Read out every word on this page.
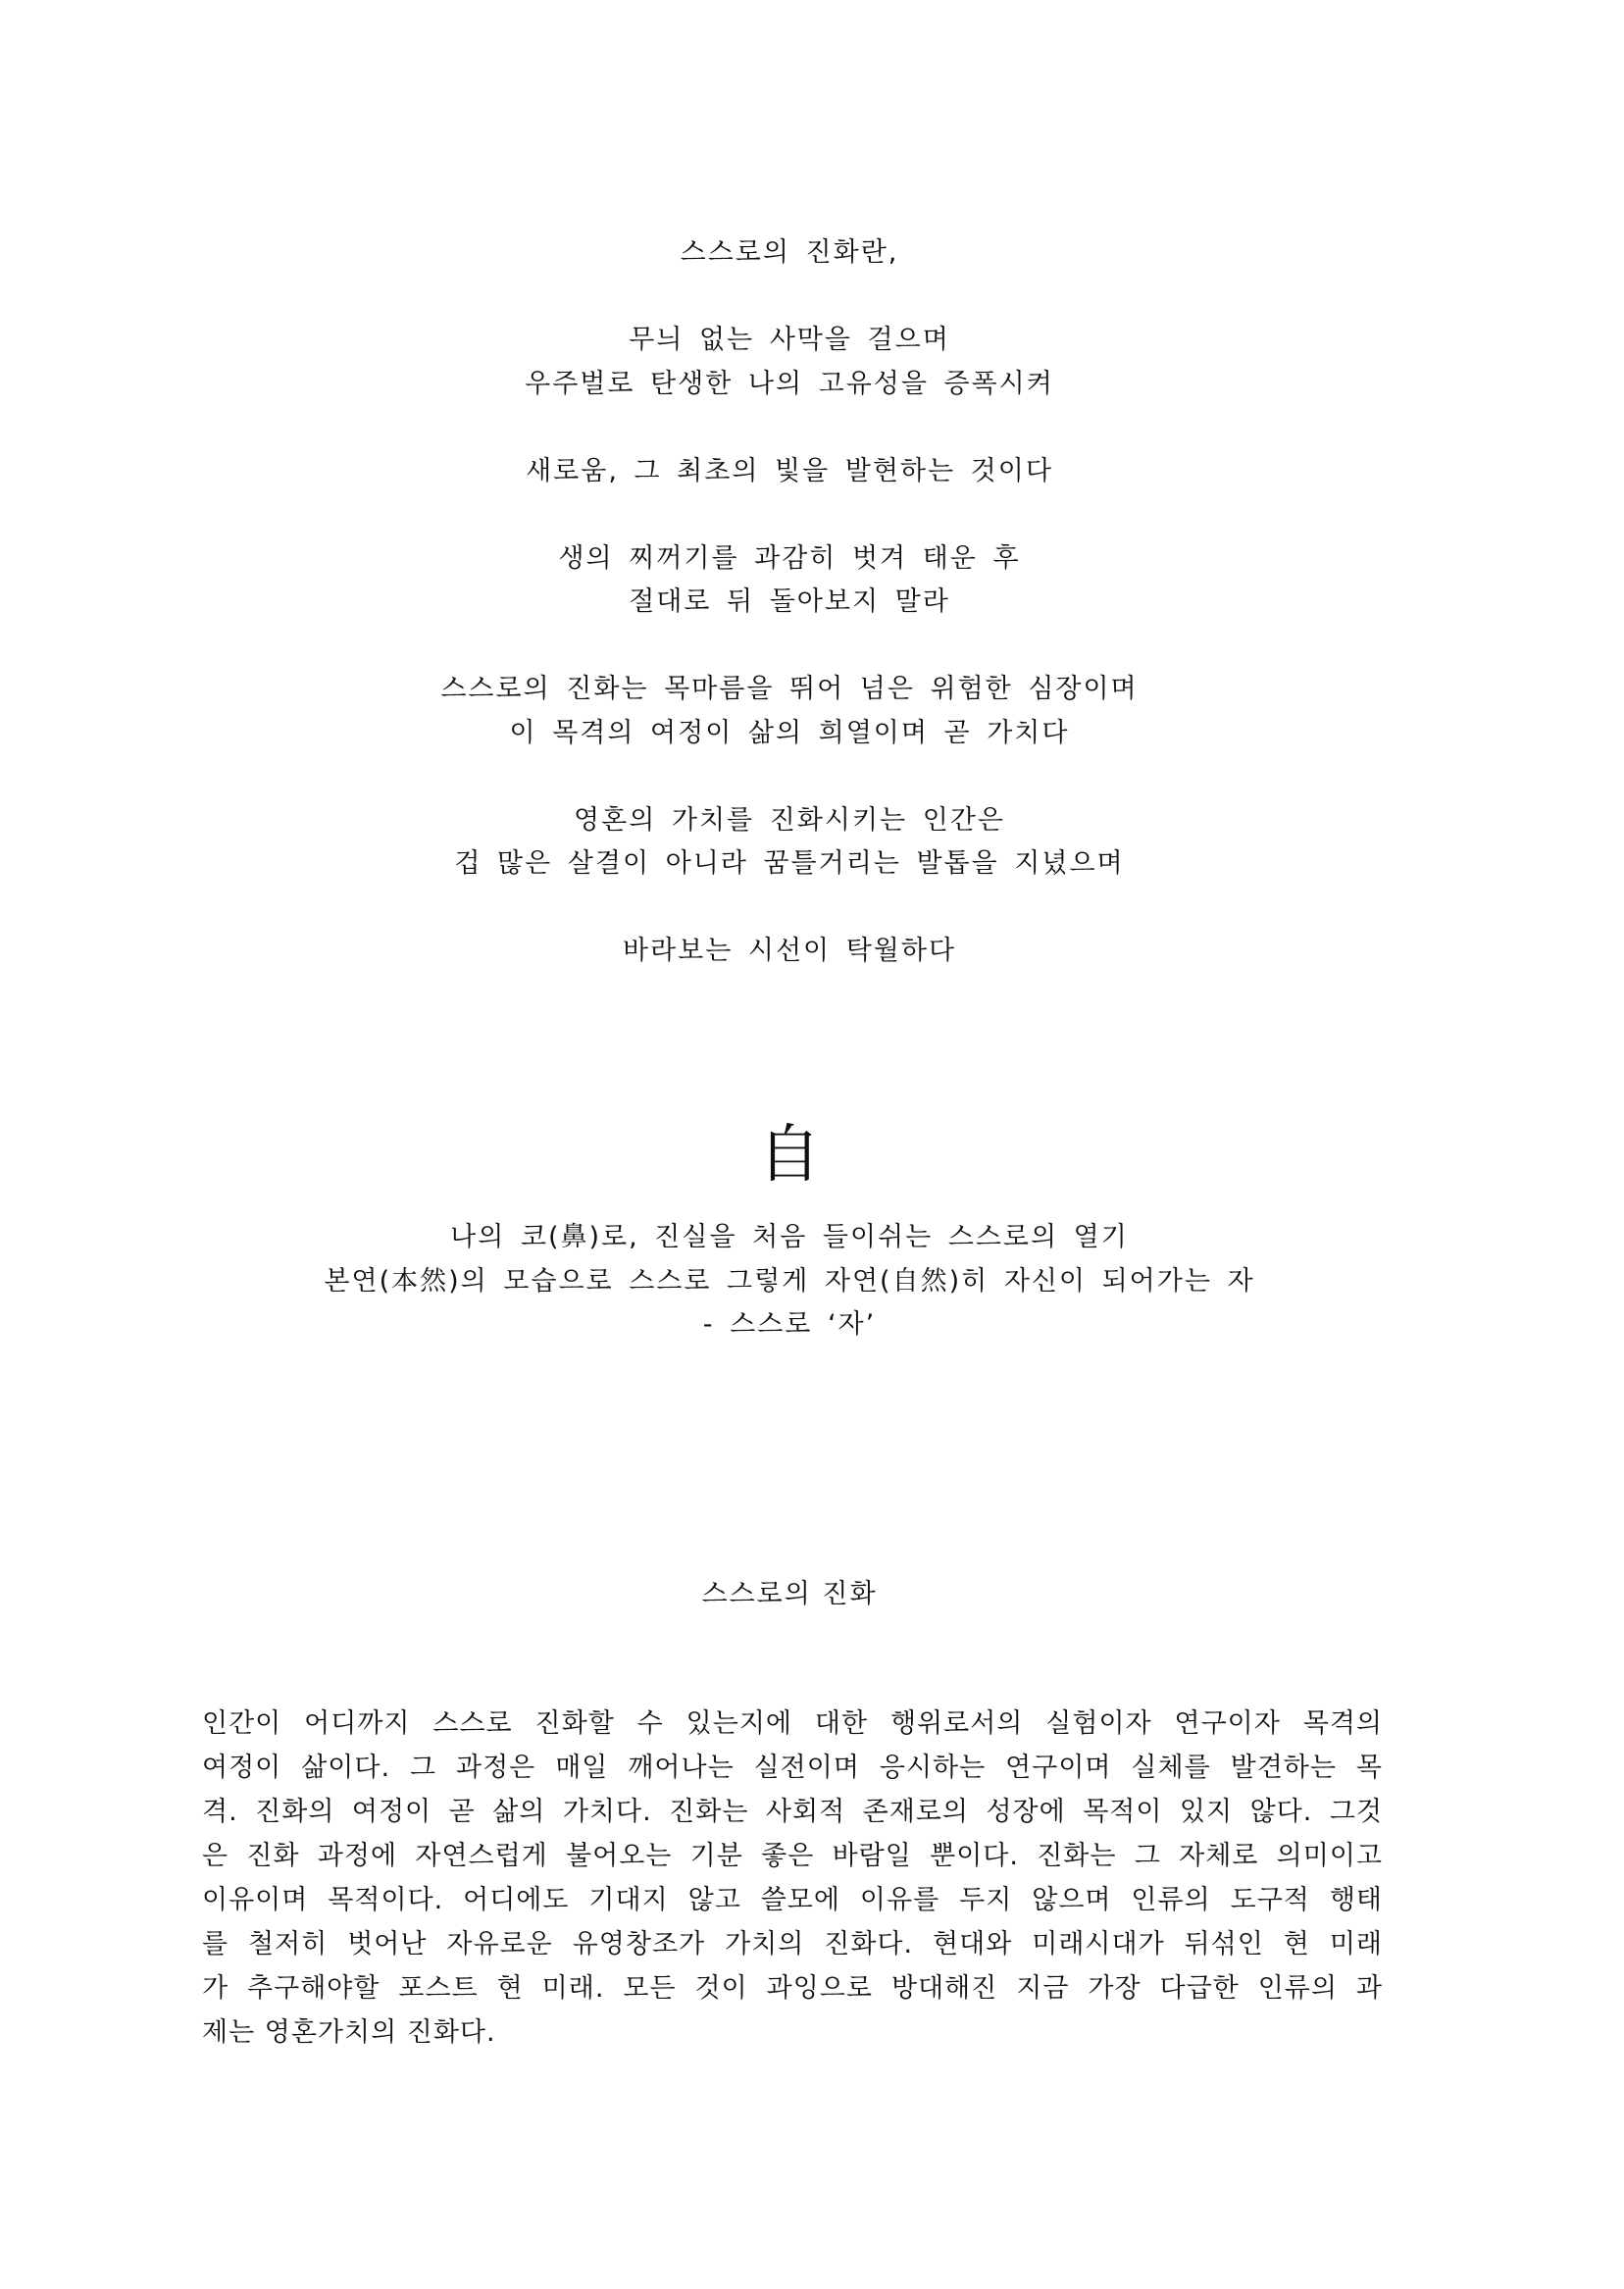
스스로의 진화란,
무늬 없는 사막을 걸으며
우주벌로 탄생한 나의 고유성을 증폭시켜
새로움, 그 최초의 빛을 발현하는 것이다
생의 찌꺼기를 과감히 벗겨 태운 후
절대로 뒤 돌아보지 말라
스스로의 진화는 목마름을 뛰어 넘은 위험한 심장이며
이 목격의 여정이 삶의 희열이며 곧 가치다
영혼의 가치를 진화시키는 인간은
겁 많은 살결이 아니라 꿈틀거리는 발톱을 지녔으며
바라보는 시선이 탁월하다
自
나의 코(鼻)로, 진실을 처음 들이쉬는 스스로의 열기
본연(本然)의 모습으로 스스로 그렇게 자연(自然)히 자신이 되어가는 자
- 스스로 ‘자’
스스로의 진화
인간이 어디까지 스스로 진화할 수 있는지에 대한 행위로서의 실험이자 연구이자 목격의
여정이 삶이다. 그 과정은 매일 깨어나는 실전이며 응시하는 연구이며 실체를 발견하는 목
격. 진화의 여정이 곧 삶의 가치다. 진화는 사회적 존재로의 성장에 목적이 있지 않다. 그것
은 진화 과정에 자연스럽게 불어오는 기분 좋은 바람일 뿐이다. 진화는 그 자체로 의미이고
이유이며 목적이다. 어디에도 기대지 않고 쓸모에 이유를 두지 않으며 인류의 도구적 행태
를 철저히 벗어난 자유로운 유영창조가 가치의 진화다. 현대와 미래시대가 뒤섞인 현 미래
가 추구해야할 포스트 현 미래. 모든 것이 과잉으로 방대해진 지금 가장 다급한 인류의 과
제는 영혼가치의 진화다.
